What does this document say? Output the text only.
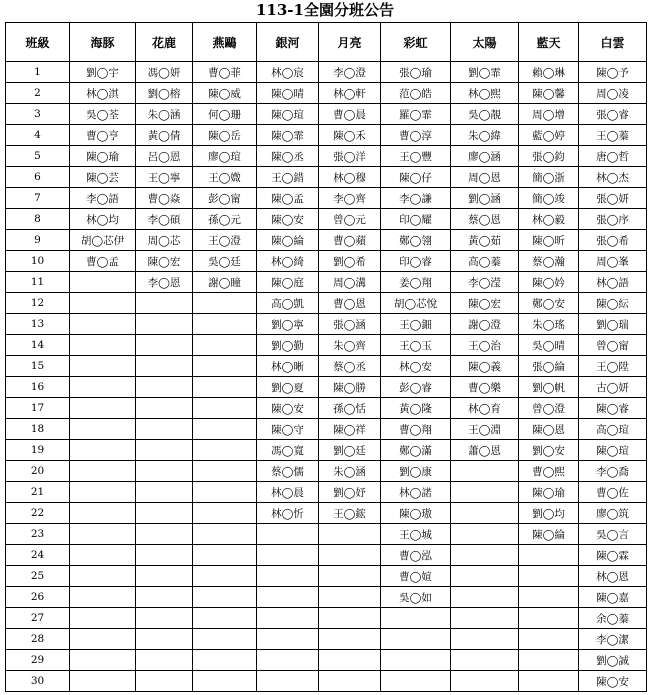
113-1全園分班公告
班級	海豚	花鹿	燕鷗	銀河	月亮	彩虹	太陽	藍天	白雲
1	劉◯宇	馮◯妍	曹◯菲	林◯宸	李◯澄	張◯瑜	劉◯霏	賴◯琳	陳◯予
2	林◯淇	劉◯榕	陳◯威	陳◯晴	林◯軒	范◯皓	林◯熙	陳◯馨	周◯凌
3	吳◯荃	朱◯涵	何◯珊	陳◯瑄	曹◯晨	羅◯霏	吳◯靚	周◯增	張◯睿
4	曹◯亨	黃◯倩	陳◯岳	陳◯霏	陳◯禾	曹◯淳	朱◯緯	藍◯婷	王◯蓁
5	陳◯瑜	呂◯恩	廖◯瑄	陳◯丞	張◯洋	王◯豐	廖◯涵	張◯鈞	唐◯哲
6	陳◯芸	王◯寧	王◯媺	王◯錯	林◯穆	陳◯仔	周◯恩	簡◯浙	林◯杰
7	李◯語	曹◯焱	彭◯甯	陳◯孟	李◯齊	李◯謙	劉◯涵	簡◯竣	張◯妍
8	林◯均	李◯碩	孫◯元	陳◯安	曾◯元	印◯耀	蔡◯恩	林◯毅	張◯序
9	胡◯芯伊	周◯芯	王◯澄	陳◯綸	曹◯蘋	鄭◯翎	黃◯茹	陳◯昕	張◯希
10	曹◯孟	陳◯宏	吳◯廷	林◯綺	劉◯希	印◯睿	高◯蓁	蔡◯瀚	周◯峯
11		李◯恩	謝◯瞳	陳◯庭	周◯溝	姜◯翔	李◯滢	陳◯妗	林◯語
12				高◯凱	曹◯恩	胡◯芯悅	陳◯宏	鄭◯安	陳◯紜
13				劉◯寧	張◯涵	王◯鈿	謝◯澄	朱◯瑤	劉◯瑞
14				劉◯勤	朱◯齊	王◯玉	王◯治	吳◯晴	曾◯甯
15				林◯晰	蔡◯丞	林◯安	陳◯義	張◯綸	王◯陞
16				劉◯夏	陳◯勝	彭◯睿	曹◯樂	劉◯帆	古◯妍
17				陳◯安	孫◯恬	黃◯隆	林◯育	曾◯澄	陳◯睿
18				陳◯守	陳◯祥	曹◯翔	王◯淵	陳◯恩	高◯瑄
19				馮◯寬	劉◯廷	鄭◯滿	蕭◯恩	劉◯安	陳◯瑄
20				蔡◯儒	朱◯涵	劉◯康		曹◯熙	李◯喬
21				林◯晨	劉◯妤	林◯諾		陳◯瑜	曹◯佐
22				林◯忻	王◯鋐	陳◯璈		劉◯均	廖◯筑
23						王◯城		陳◯綸	吳◯言
24						曹◯泓			陳◯霖
25						曹◯媗			林◯恩
26						吳◯如			陳◯嘉
27									余◯蓁
28									李◯潔
29									劉◯誠
30									陳◯安
